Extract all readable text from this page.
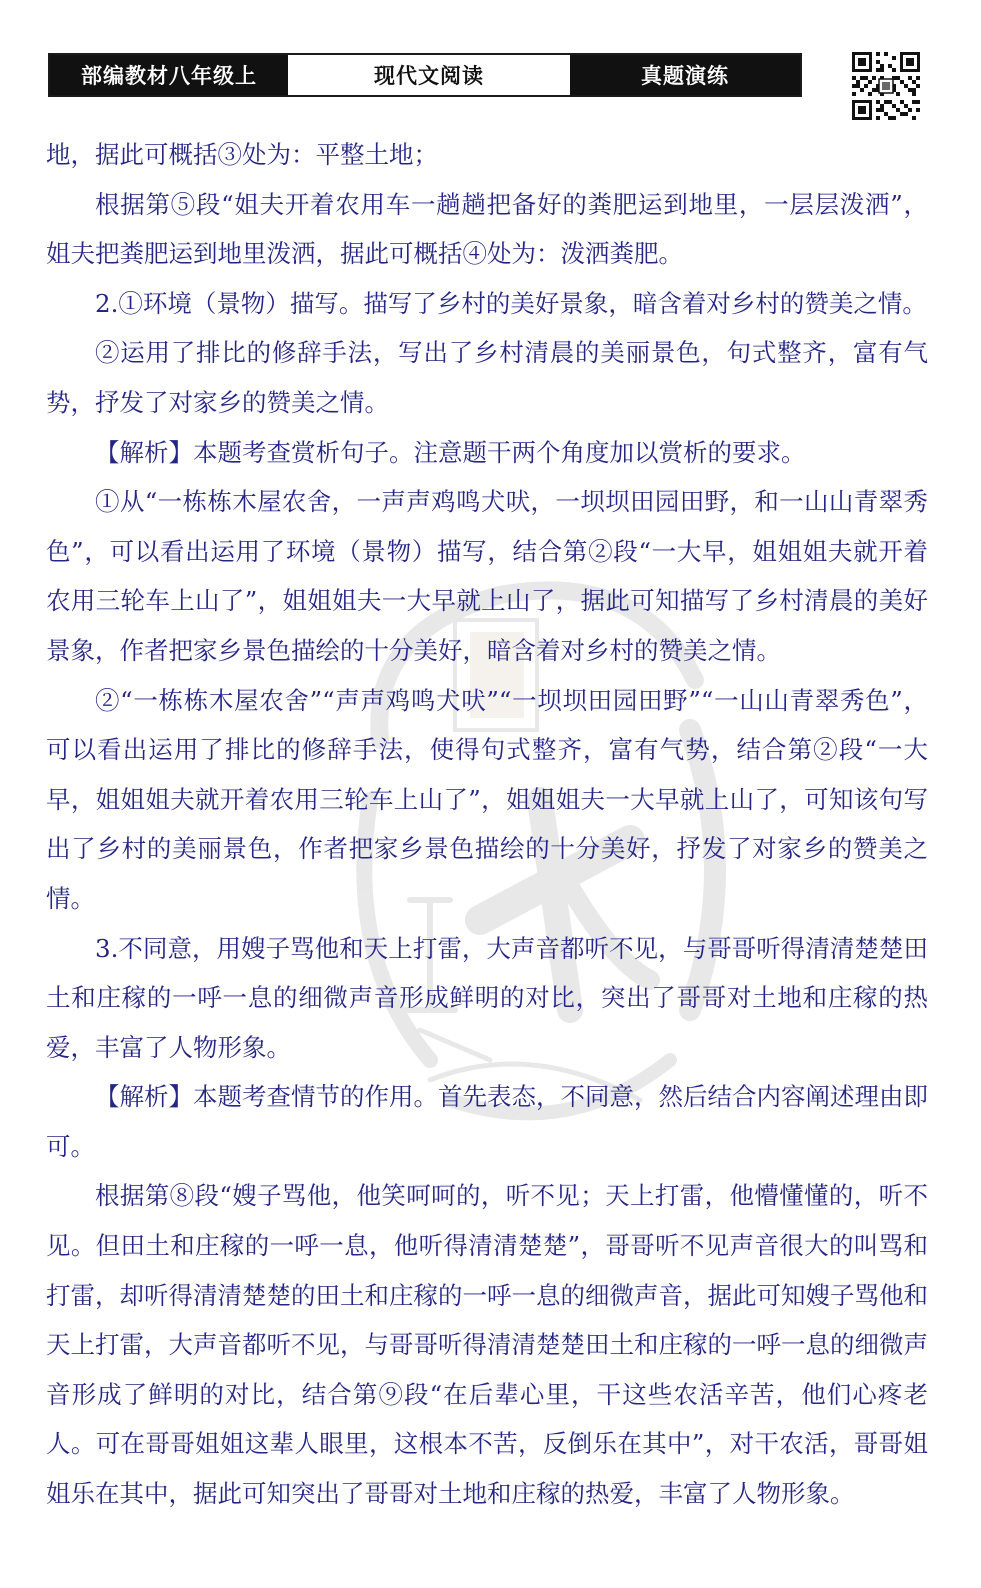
部编教材八年级上	现代文阅读	真题演练

地，据此可概括③处为：平整土地；

根据第⑤段“姐夫开着农用车一趟趟把备好的粪肥运到地里，一层层泼洒”，姐夫把粪肥运到地里泼洒，据此可概括④处为：泼洒粪肥。

2.①环境（景物）描写。描写了乡村的美好景象，暗含着对乡村的赞美之情。

②运用了排比的修辞手法，写出了乡村清晨的美丽景色，句式整齐，富有气势，抒发了对家乡的赞美之情。

【解析】本题考查赏析句子。注意题干两个角度加以赏析的要求。

①从“一栋栋木屋农舍，一声声鸡鸣犬吠，一坝坝田园田野，和一山山青翠秀色”，可以看出运用了环境（景物）描写，结合第②段“一大早，姐姐姐夫就开着农用三轮车上山了”，姐姐姐夫一大早就上山了，据此可知描写了乡村清晨的美好景象，作者把家乡景色描绘的十分美好，暗含着对乡村的赞美之情。

②“一栋栋木屋农舍”“声声鸡鸣犬吠”“一坝坝田园田野”“一山山青翠秀色”，可以看出运用了排比的修辞手法，使得句式整齐，富有气势，结合第②段“一大早，姐姐姐夫就开着农用三轮车上山了”，姐姐姐夫一大早就上山了，可知该句写出了乡村的美丽景色，作者把家乡景色描绘的十分美好，抒发了对家乡的赞美之情。

3.不同意，用嫂子骂他和天上打雷，大声音都听不见，与哥哥听得清清楚楚田土和庄稼的一呼一息的细微声音形成鲜明的对比，突出了哥哥对土地和庄稼的热爱，丰富了人物形象。

【解析】本题考查情节的作用。首先表态，不同意，然后结合内容阐述理由即可。

根据第⑧段“嫂子骂他，他笑呵呵的，听不见；天上打雷，他懵懂懂的，听不见。但田土和庄稼的一呼一息，他听得清清楚楚”，哥哥听不见声音很大的叫骂和打雷，却听得清清楚楚的田土和庄稼的一呼一息的细微声音，据此可知嫂子骂他和天上打雷，大声音都听不见，与哥哥听得清清楚楚田土和庄稼的一呼一息的细微声音形成了鲜明的对比，结合第⑨段“在后辈心里，干这些农活辛苦，他们心疼老人。可在哥哥姐姐这辈人眼里，这根本不苦，反倒乐在其中”，对干农活，哥哥姐姐乐在其中，据此可知突出了哥哥对土地和庄稼的热爱，丰富了人物形象。
